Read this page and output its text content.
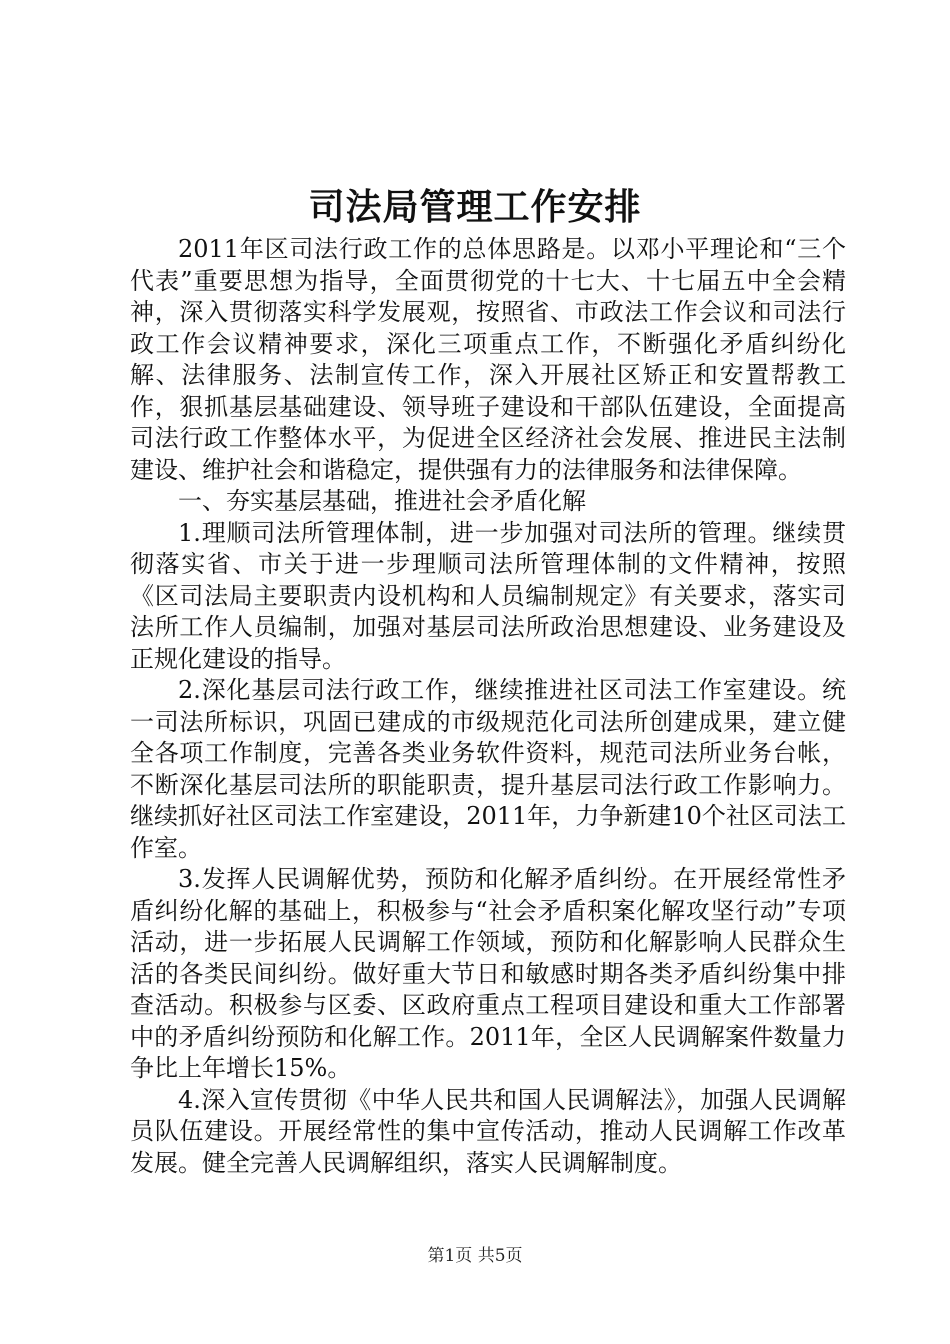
司法局管理工作安排

2011年区司法行政工作的总体思路是。以邓小平理论和“三个代表”重要思想为指导，全面贯彻党的十七大、十七届五中全会精神，深入贯彻落实科学发展观，按照省、市政法工作会议和司法行政工作会议精神要求，深化三项重点工作，不断强化矛盾纠纷化解、法律服务、法制宣传工作，深入开展社区矫正和安置帮教工作，狠抓基层基础建设、领导班子建设和干部队伍建设，全面提高司法行政工作整体水平，为促进全区经济社会发展、推进民主法制建设、维护社会和谐稳定，提供强有力的法律服务和法律保障。

一、夯实基层基础，推进社会矛盾化解

1.理顺司法所管理体制，进一步加强对司法所的管理。继续贯彻落实省、市关于进一步理顺司法所管理体制的文件精神，按照《区司法局主要职责内设机构和人员编制规定》有关要求，落实司法所工作人员编制，加强对基层司法所政治思想建设、业务建设及正规化建设的指导。

2.深化基层司法行政工作，继续推进社区司法工作室建设。统一司法所标识，巩固已建成的市级规范化司法所创建成果，建立健全各项工作制度，完善各类业务软件资料，规范司法所业务台帐，不断深化基层司法所的职能职责，提升基层司法行政工作影响力。继续抓好社区司法工作室建设，2011年，力争新建10个社区司法工作室。

3.发挥人民调解优势，预防和化解矛盾纠纷。在开展经常性矛盾纠纷化解的基础上，积极参与“社会矛盾积案化解攻坚行动”专项活动，进一步拓展人民调解工作领域，预防和化解影响人民群众生活的各类民间纠纷。做好重大节日和敏感时期各类矛盾纠纷集中排查活动。积极参与区委、区政府重点工程项目建设和重大工作部署中的矛盾纠纷预防和化解工作。2011年，全区人民调解案件数量力争比上年增长15%。

4.深入宣传贯彻《中华人民共和国人民调解法》，加强人民调解员队伍建设。开展经常性的集中宣传活动，推动人民调解工作改革发展。健全完善人民调解组织，落实人民调解制度。

第1页 共5页
